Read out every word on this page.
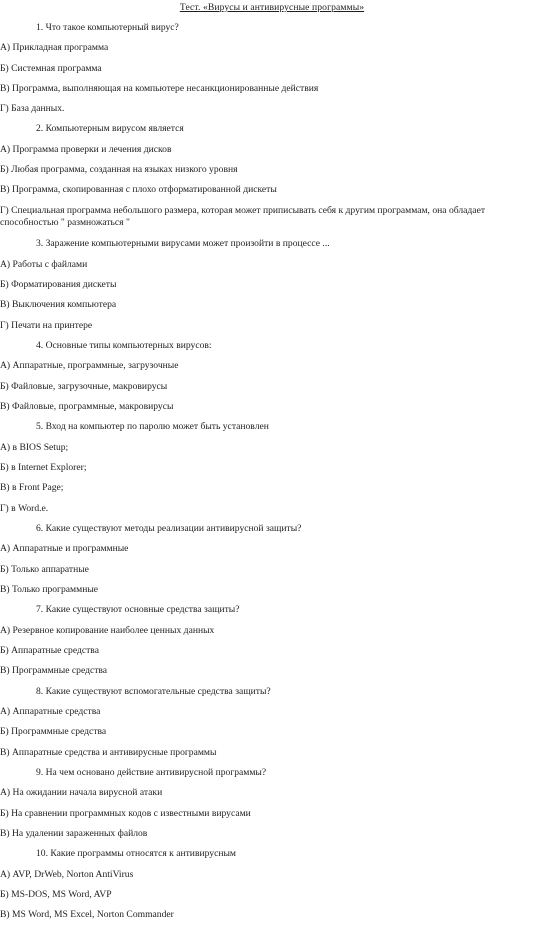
Тест. «Вирусы и антивирусные программы»
1. Что такое компьютерный вирус?
А) Прикладная программа
Б) Системная программа
В) Программа, выполняющая на компьютере несанкционированные действия
Г) База данных.
2. Компьютерным вирусом является
А) Программа проверки и лечения дисков
Б) Любая программа, созданная на языках низкого уровня
В) Программа, скопированная с плохо отформатированной дискеты
Г) Специальная программа небольшого размера, которая может приписывать себя к другим программам, она обладает способностью " размножаться "
3. Заражение компьютерными вирусами может произойти в процессе ...
А) Работы с файлами
Б) Форматирования дискеты
В) Выключения компьютера
Г) Печати на принтере
4. Основные типы компьютерных вирусов:
А) Аппаратные, программные, загрузочные
Б) Файловые, загрузочные, макровирусы
В) Файловые, программные, макровирусы
5. Вход на компьютер по паролю может быть установлен
А) в BIOS Setup;
Б) в Internet Explorer;
В) в Front Page;
Г) в Word.е.
6. Какие существуют методы реализации антивирусной защиты?
А) Аппаратные и программные
Б) Только аппаратные
В) Только программные
7. Какие существуют основные средства защиты?
А) Резервное копирование наиболее ценных данных
Б) Аппаратные средства
В) Программные средства
8. Какие существуют вспомогательные средства защиты?
А) Аппаратные средства
Б) Программные средства
В) Аппаратные средства и антивирусные программы
9. На чем основано действие антивирусной программы?
А) На ожидании начала вирусной атаки
Б) На сравнении программных кодов с известными вирусами
В) На удалении зараженных файлов
10. Какие программы относятся к антивирусным
А) AVP, DrWeb, Norton AntiVirus
Б) MS-DOS, MS Word, AVP
В) MS Word, MS Excel, Norton Commander
